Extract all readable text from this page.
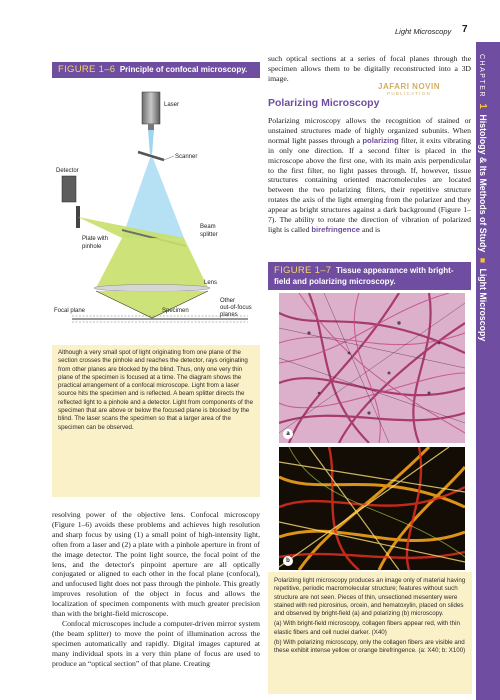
Light Microscopy 7
CHAPTER 1 Histology & Its Methods of Study ■ Light Microscopy
FIGURE 1–6 Principle of confocal microscopy.
Laser
Scanner
Detector
Plate with
pinhole
Beam
splitter
Lens
Focal plane	Specimen
Other
out-of-focus
planes
Although a very small spot of light originating from one plane of the section crosses the pinhole and reaches the detector, rays originating from other planes are blocked by the blind. Thus, only one very thin plane of the specimen is focused at a time. The diagram shows the practical arrangement of a confocal microscope. Light from a laser source hits the specimen and is reflected. A beam splitter directs the reflected light to a pinhole and a detector. Light from components of the specimen that are above or below the focused plane is blocked by the blind. The laser scans the specimen so that a larger area of the specimen can be observed.

resolving power of the objective lens. Confocal microscopy (Figure 1–6) avoids these problems and achieves high resolution and sharp focus by using (1) a small point of high-intensity light, often from a laser and (2) a plate with a pinhole aperture in front of the image detector. The point light source, the focal point of the lens, and the detector's pinpoint aperture are all optically conjugated or aligned to each other in the focal plane (confocal), and unfocused light does not pass through the pinhole. This greatly improves resolution of the object in focus and allows the localization of specimen components with much greater precision than with the bright-field microscope.

Confocal microscopes include a computer-driven mirror system (the beam splitter) to move the point of illumination across the specimen automatically and rapidly. Digital images captured at many individual spots in a very thin plane of focus are used to produce an “optical section” of that plane. Creating

such optical sections at a series of focal planes through the specimen allows them to be digitally reconstructed into a 3D image.
JAFARI NOVIN
PUBLICATION
Polarizing Microscopy
Polarizing microscopy allows the recognition of stained or unstained structures made of highly organized subunits. When normal light passes through a polarizing filter, it exits vibrating in only one direction. If a second filter is placed in the microscope above the first one, with its main axis perpendicular to the first filter, no light passes through. If, however, tissue structures containing oriented macromolecules are located between the two polarizing filters, their repetitive structure rotates the axis of the light emerging from the polarizer and they appear as bright structures against a dark background (Figure 1–7). The ability to rotate the direction of vibration of polarized light is called birefringence and is
FIGURE 1–7 Tissue appearance with bright-field and polarizing microscopy.
a
b

Polarizing light microscopy produces an image only of material having repetitive, periodic macromolecular structure; features without such structure are not seen. Pieces of thin, unsectioned mesentery were stained with red picrosirius, orcein, and hematoxylin, placed on slides and observed by bright-field (a) and polarizing (b) microscopy.

(a) With bright-field microscopy, collagen fibers appear red, with thin elastic fibers and cell nuclei darker. (X40)

(b) With polarizing microscopy, only the collagen fibers are visible and these exhibit intense yellow or orange birefringence. (a: X40; b: X100)
